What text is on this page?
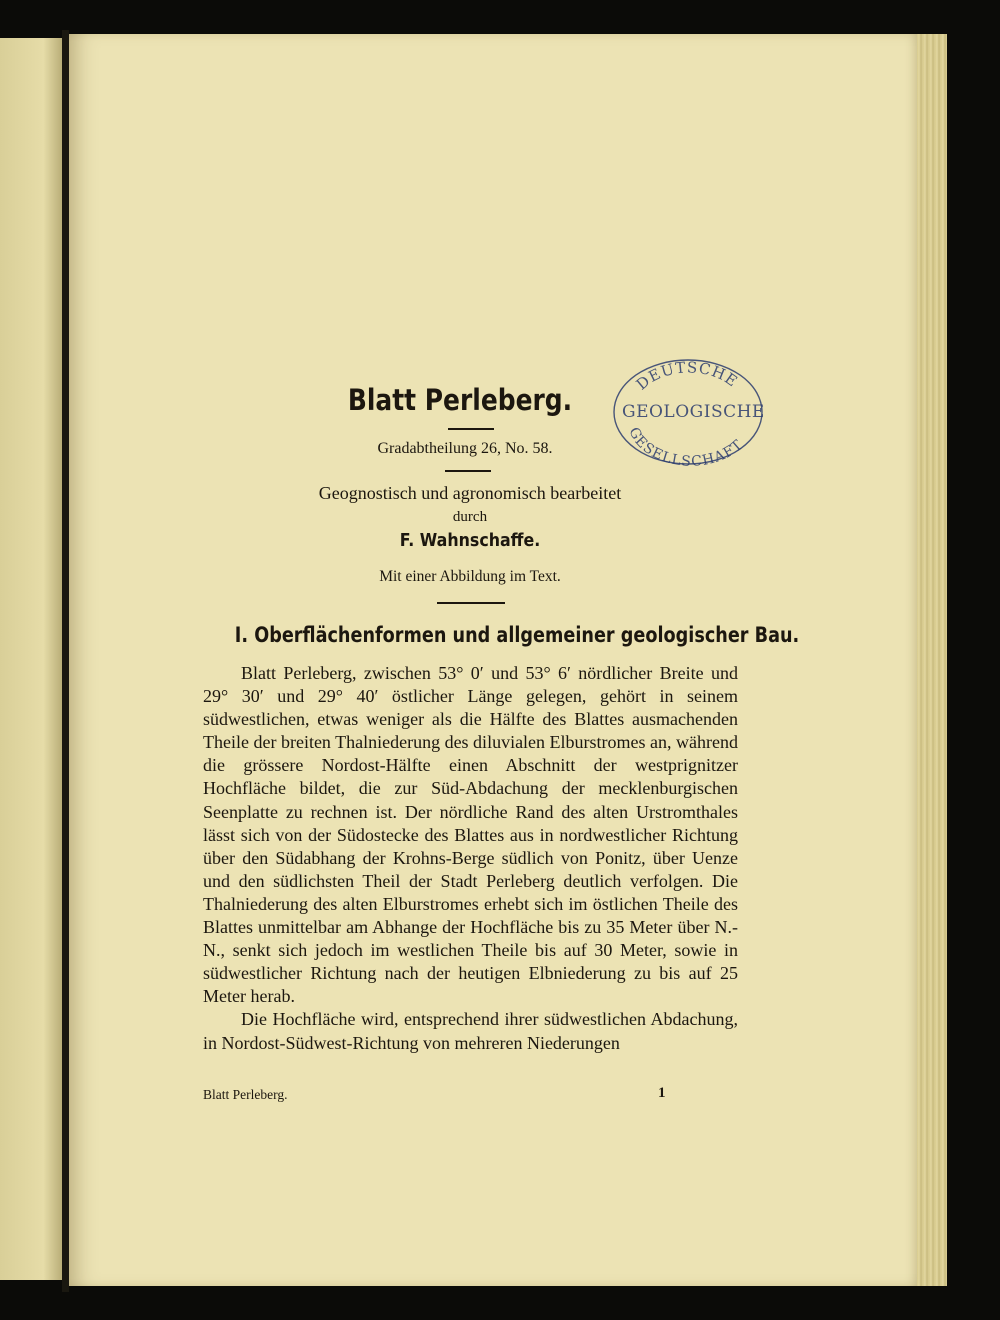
Blatt Perleberg.
Gradabtheilung 26, No. 58.
Geognostisch und agronomisch bearbeitet
durch
F. Wahnschaffe.
Mit einer Abbildung im Text.
I. Oberflächenformen und allgemeiner geologischer Bau.

Blatt Perleberg, zwischen 53° 0′ und 53° 6′ nördlicher Breite und 29° 30′ und 29° 40′ östlicher Länge gelegen, gehört in seinem südwestlichen, etwas weniger als die Hälfte des Blattes ausmachenden Theile der breiten Thalniederung des diluvialen Elburstromes an, während die grössere Nordost-Hälfte einen Abschnitt der westprignitzer Hochfläche bildet, die zur Süd-Abdachung der mecklenburgischen Seenplatte zu rechnen ist. Der nördliche Rand des alten Urstromthales lässt sich von der Südostecke des Blattes aus in nordwestlicher Richtung über den Südabhang der Krohns-Berge südlich von Ponitz, über Uenze und den südlichsten Theil der Stadt Perleberg deutlich verfolgen. Die Thalniederung des alten Elburstromes erhebt sich im östlichen Theile des Blattes unmittelbar am Abhange der Hochfläche bis zu 35 Meter über N.-N., senkt sich jedoch im westlichen Theile bis auf 30 Meter, sowie in südwestlicher Richtung nach der heutigen Elbniederung zu bis auf 25 Meter herab.

Die Hochfläche wird, entsprechend ihrer südwestlichen Abdachung, in Nordost-Südwest-Richtung von mehreren Niederungen

Blatt Perleberg.	1
DEUTSCHE
GEOLOGISCHE
GESELLSCHAFT
